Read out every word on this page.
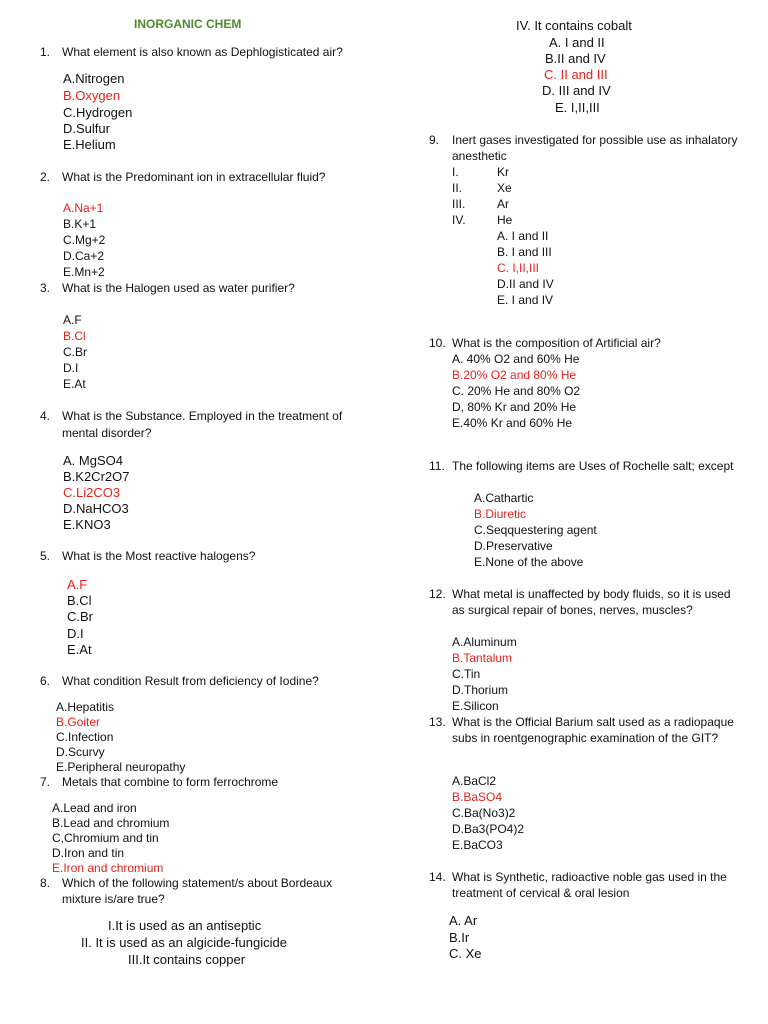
INORGANIC CHEM
1. What element is also known as Dephlogisticated air?
A.Nitrogen
B.Oxygen
C.Hydrogen
D.Sulfur
E.Helium
2. What is the Predominant ion in extracellular fluid?
A.Na+1
B.K+1
C.Mg+2
D.Ca+2
E.Mn+2
3. What is the Halogen used as water purifier?
A.F
B.Cl
C.Br
D.I
E.At
4. What is the Substance. Employed in the treatment of
mental disorder?
A. MgSO4
B.K2Cr2O7
C.Li2CO3
D.NaHCO3
E.KNO3
5. What is the Most reactive halogens?
A.F
B.Cl
C.Br
D.I
E.At
6. What condition Result from deficiency of Iodine?
A.Hepatitis
B.Goiter
C.Infection
D.Scurvy
E.Peripheral neuropathy
7. Metals that combine to form ferrochrome
A.Lead and iron
B.Lead and chromium
C,Chromium and tin
D.Iron and tin
E.Iron and chromium
8. Which of the following statement/s about Bordeaux
mixture is/are true?
I.It is used as an antiseptic
II. It is used as an algicide-fungicide
III.It contains copper
IV. It contains cobalt
A. I and II
B.II and IV
C. II and III
D. III and IV
E. I,II,III
9. Inert gases investigated for possible use as inhalatory
anesthetic
I.	Kr
II.	Xe
III.	Ar
IV.	He
A. I and II
B. I and III
C. I,II,III
D.II and IV
E. I and IV
10. What is the composition of Artificial air?
A. 40% O2 and 60% He
B.20% O2 and 80% He
C. 20% He and 80% O2
D, 80% Kr and 20% He
E.40% Kr and 60% He
11. The following items are Uses of Rochelle salt; except
A.Cathartic
B.Diuretic
C.Seqquestering agent
D.Preservative
E.None of the above
12. What metal is unaffected by body fluids, so it is used
as surgical repair of bones, nerves, muscles?
A.Aluminum
B.Tantalum
C.Tin
D.Thorium
E.Silicon
13. What is the Official Barium salt used as a radiopaque
subs in roentgenographic examination of the GIT?
A.BaCl2
B.BaSO4
C.Ba(No3)2
D.Ba3(PO4)2
E.BaCO3
14. What is Synthetic, radioactive noble gas used in the
treatment of cervical & oral lesion
A. Ar
B.Ir
C. Xe
